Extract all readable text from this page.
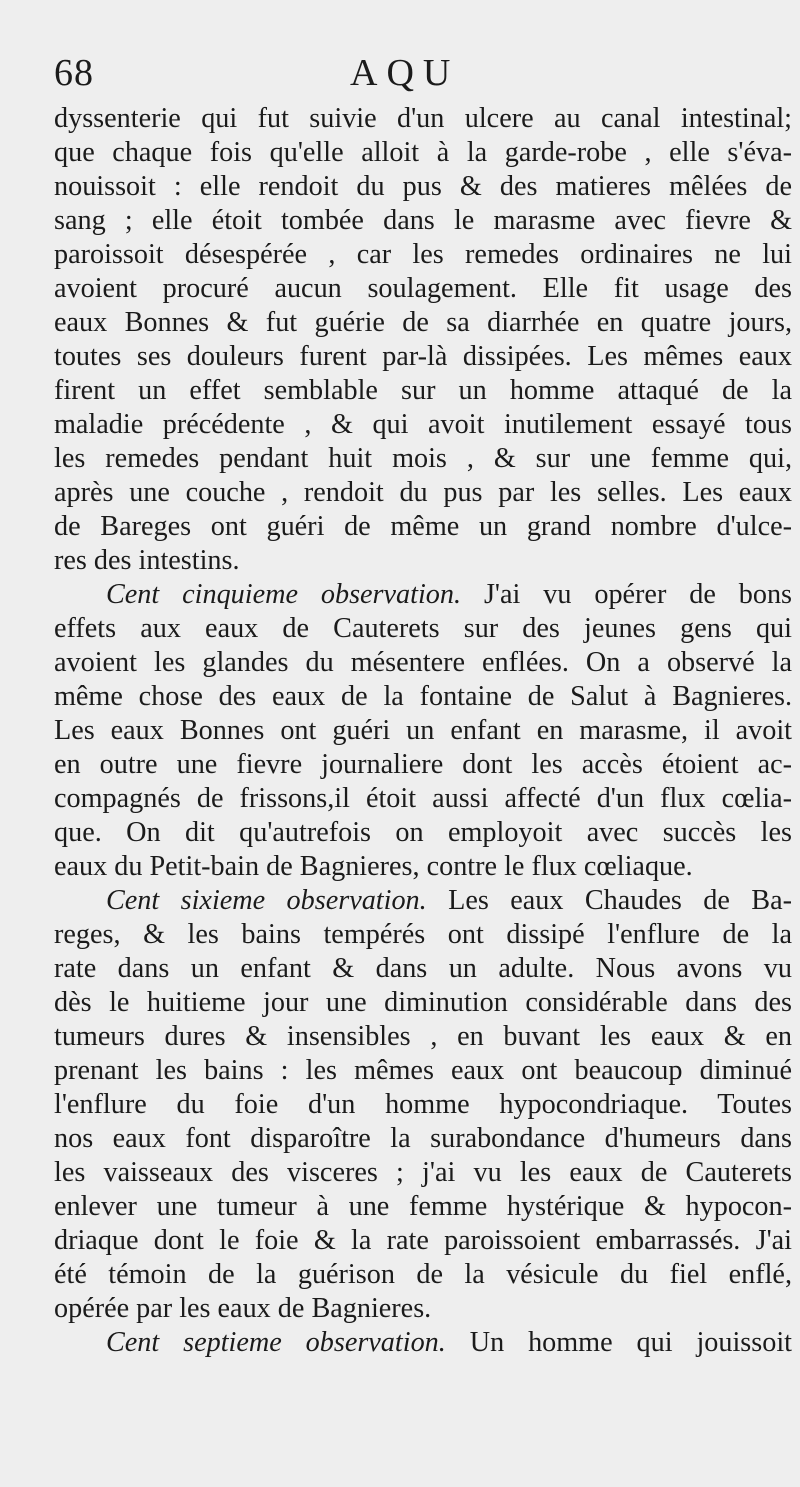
68	AQU
dyssenterie qui fut suivie d'un ulcere au canal intestinal;
que chaque fois qu'elle alloit à la garde-robe , elle s'éva-
nouissoit : elle rendoit du pus & des matieres mêlées de
sang ; elle étoit tombée dans le marasme avec fievre &
paroissoit désespérée , car les remedes ordinaires ne lui
avoient procuré aucun soulagement. Elle fit usage des
eaux Bonnes & fut guérie de sa diarrhée en quatre jours,
toutes ses douleurs furent par-là dissipées. Les mêmes eaux
firent un effet semblable sur un homme attaqué de la
maladie précédente , & qui avoit inutilement essayé tous
les remedes pendant huit mois , & sur une femme qui,
après une couche , rendoit du pus par les selles. Les eaux
de Bareges ont guéri de même un grand nombre d'ulce-
res des intestins.
Cent cinquieme observation. J'ai vu opérer de bons
effets aux eaux de Cauterets sur des jeunes gens qui
avoient les glandes du mésentere enflées. On a observé la
même chose des eaux de la fontaine de Salut à Bagnieres.
Les eaux Bonnes ont guéri un enfant en marasme, il avoit
en outre une fievre journaliere dont les accès étoient ac-
compagnés de frissons,il étoit aussi affecté d'un flux cœlia-
que. On dit qu'autrefois on employoit avec succès les
eaux du Petit-bain de Bagnieres, contre le flux cœliaque.
Cent sixieme observation. Les eaux Chaudes de Ba-
reges, & les bains tempérés ont dissipé l'enflure de la
rate dans un enfant & dans un adulte. Nous avons vu
dès le huitieme jour une diminution considérable dans des
tumeurs dures & insensibles , en buvant les eaux & en
prenant les bains : les mêmes eaux ont beaucoup diminué
l'enflure du foie d'un homme hypocondriaque. Toutes
nos eaux font disparoître la surabondance d'humeurs dans
les vaisseaux des visceres ; j'ai vu les eaux de Cauterets
enlever une tumeur à une femme hystérique & hypocon-
driaque dont le foie & la rate paroissoient embarrassés. J'ai
été témoin de la guérison de la vésicule du fiel enflé,
opérée par les eaux de Bagnieres.
Cent septieme observation. Un homme qui jouissoit
